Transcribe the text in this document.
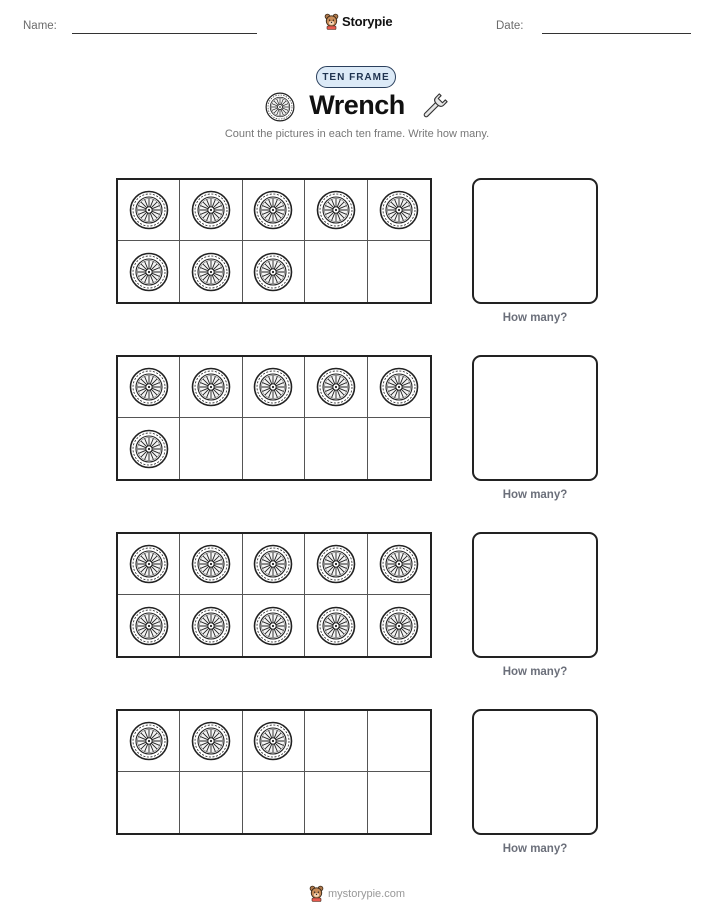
Name:	Storypie	Date:
TEN FRAME
Wrench
Count the pictures in each ten frame. Write how many.
How many?
How many?
How many?
How many?
mystorypie.com
